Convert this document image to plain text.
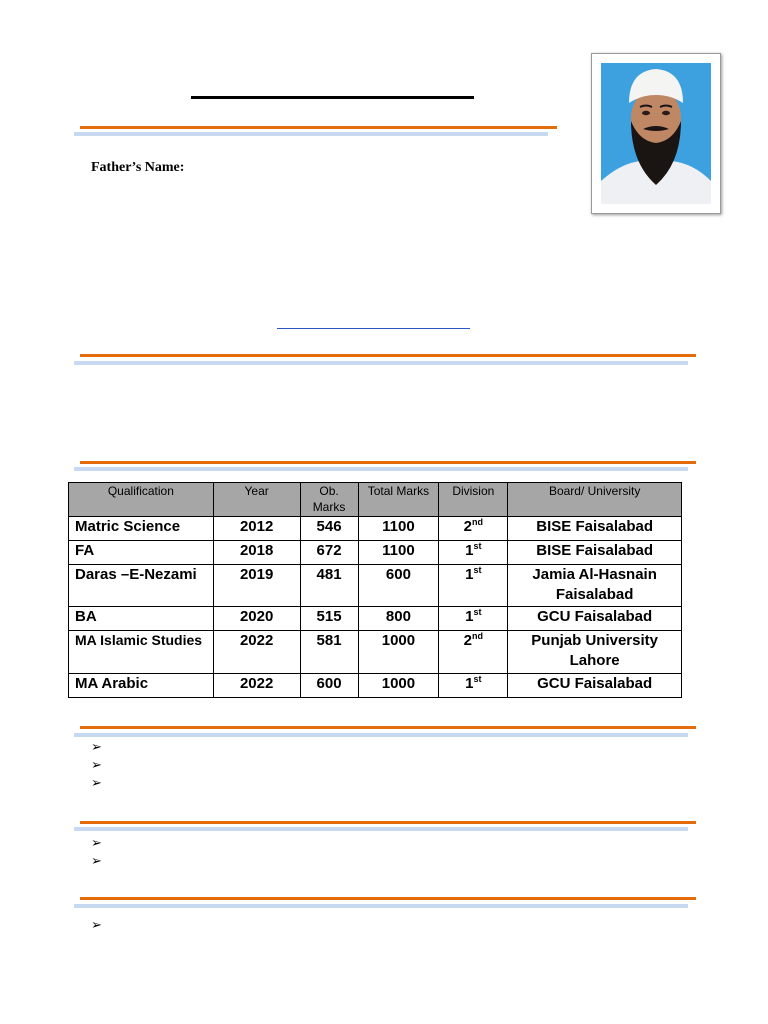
Father’s Name:
Qualification	Year	Ob. Marks	Total Marks	Division	Board/ University
Matric Science	2012	546	1100	2nd	BISE Faisalabad
FA	2018	672	1100	1st	BISE Faisalabad
Daras –E-Nezami	2019	481	600	1st	Jamia Al-Hasnain Faisalabad
BA	2020	515	800	1st	GCU Faisalabad
MA Islamic Studies	2022	581	1000	2nd	Punjab University Lahore
MA Arabic	2022	600	1000	1st	GCU Faisalabad
➢
➢
➢
➢
➢
➢
